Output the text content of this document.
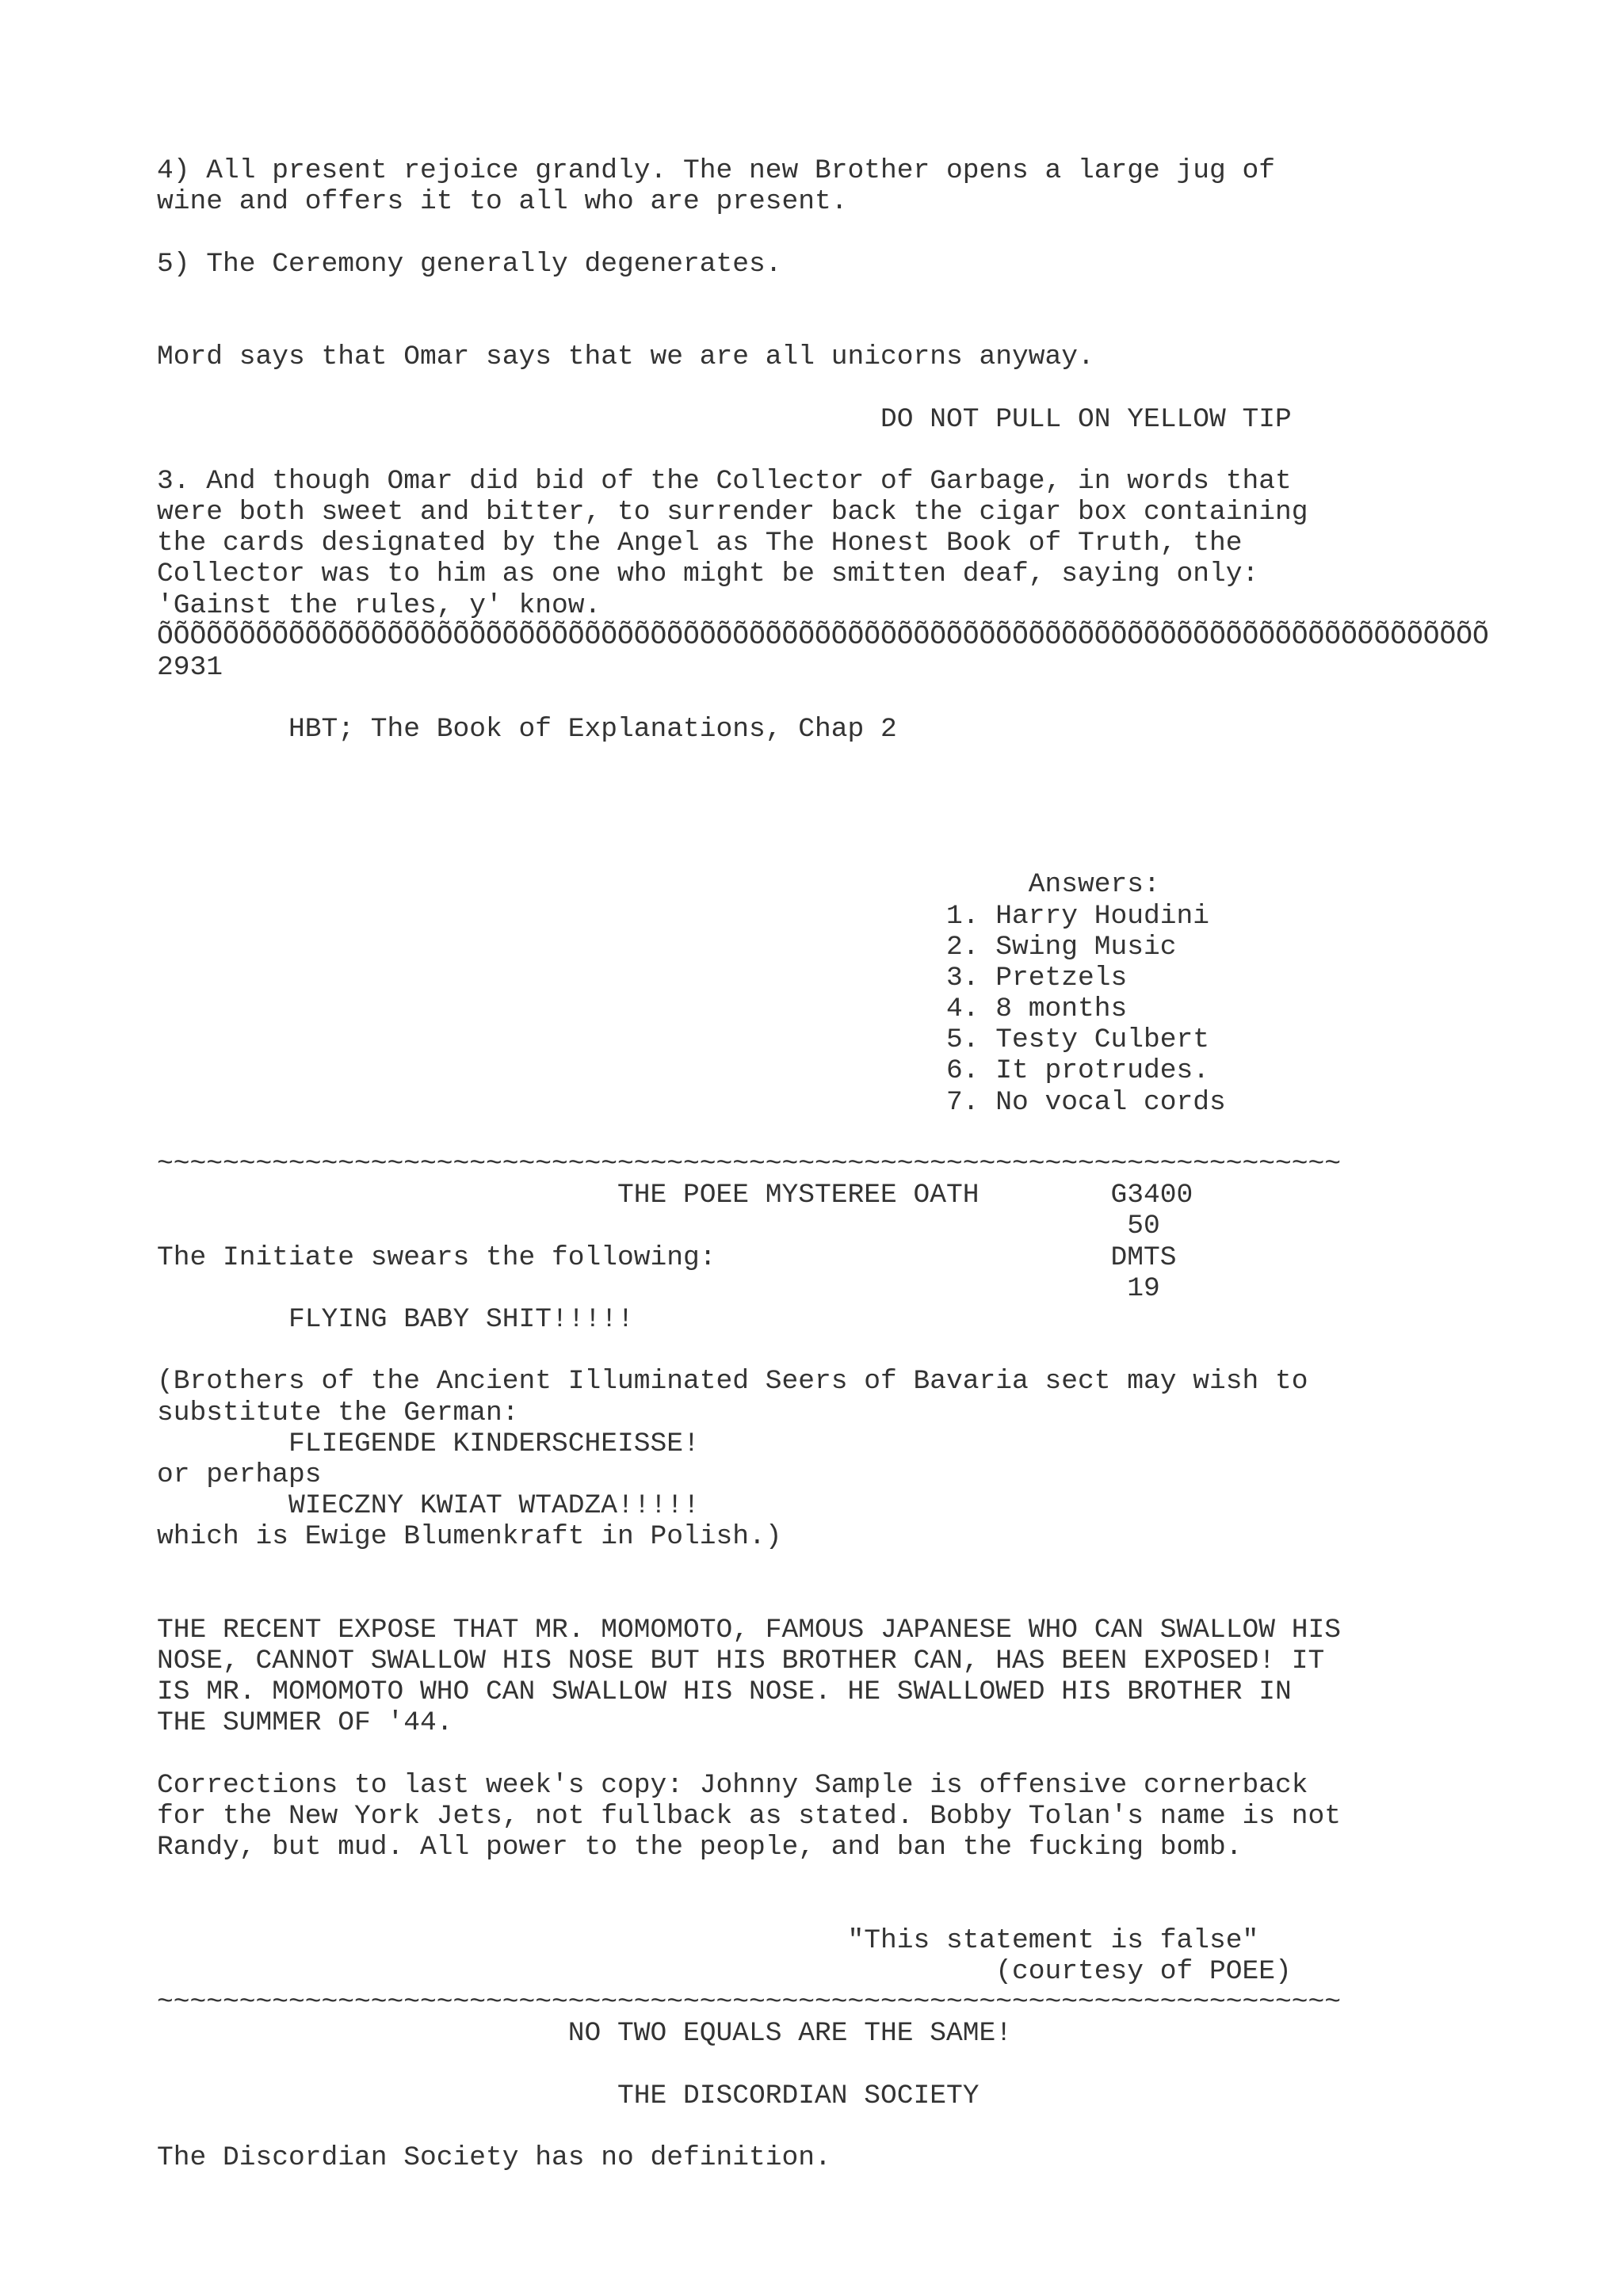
4) All present rejoice grandly. The new Brother opens a large jug of
wine and offers it to all who are present.
5) The Ceremony generally degenerates.
Mord says that Omar says that we are all unicorns anyway.
DO NOT PULL ON YELLOW TIP
3. And though Omar did bid of the Collector of Garbage, in words that
were both sweet and bitter, to surrender back the cigar box containing
the cards designated by the Angel as The Honest Book of Truth, the
Collector was to him as one who might be smitten deaf, saying only:
'Gainst the rules, y' know.
ÕÕÕÕÕÕÕÕÕÕÕÕÕÕÕÕÕÕÕÕÕÕÕÕÕÕÕÕÕÕÕÕÕÕÕÕÕÕÕÕÕÕÕÕÕÕÕÕÕÕÕÕÕÕÕÕÕÕÕÕÕÕÕÕÕÕÕÕÕÕÕÕÕÕÕÕÕÕÕÕÕ
2931
HBT; The Book of Explanations, Chap 2
Answers:
1. Harry Houdini
2. Swing Music
3. Pretzels
4. 8 months
5. Testy Culbert
6. It protrudes.
7. No vocal cords
~~~~~~~~~~~~~~~~~~~~~~~~~~~~~~~~~~~~~~~~~~~~~~~~~~~~~~~~~~~~~~~~~~~~~~~~
THE POEE MYSTEREE OATH        G3400
50
The Initiate swears the following:                        DMTS
19
FLYING BABY SHIT!!!!!
(Brothers of the Ancient Illuminated Seers of Bavaria sect may wish to
substitute the German:
FLIEGENDE KINDERSCHEISSE!
or perhaps
WIECZNY KWIAT WTADZA!!!!!
which is Ewige Blumenkraft in Polish.)
THE RECENT EXPOSE THAT MR. MOMOMOTO, FAMOUS JAPANESE WHO CAN SWALLOW HIS
NOSE, CANNOT SWALLOW HIS NOSE BUT HIS BROTHER CAN, HAS BEEN EXPOSED! IT
IS MR. MOMOMOTO WHO CAN SWALLOW HIS NOSE. HE SWALLOWED HIS BROTHER IN
THE SUMMER OF '44.
Corrections to last week's copy: Johnny Sample is offensive cornerback
for the New York Jets, not fullback as stated. Bobby Tolan's name is not
Randy, but mud. All power to the people, and ban the fucking bomb.
"This statement is false"
(courtesy of POEE)
~~~~~~~~~~~~~~~~~~~~~~~~~~~~~~~~~~~~~~~~~~~~~~~~~~~~~~~~~~~~~~~~~~~~~~~~
NO TWO EQUALS ARE THE SAME!
THE DISCORDIAN SOCIETY
The Discordian Society has no definition.
